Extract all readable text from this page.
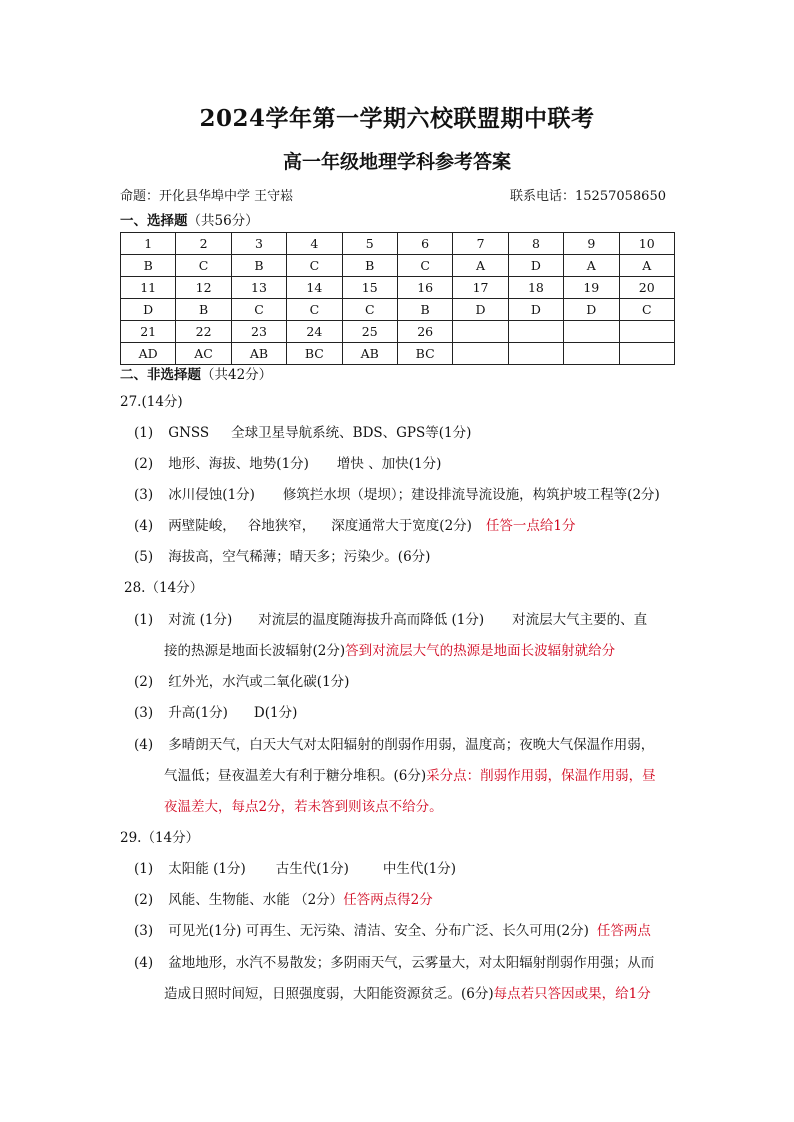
2024学年第一学期六校联盟期中联考
高一年级地理学科参考答案
命题：开化县华埠中学 王守崧	联系电话：15257058650
一、选择题（共56分）
1	2	3	4	5	6	7	8	9	10
B	C	B	C	B	C	A	D	A	A
11	12	13	14	15	16	17	18	19	20
D	B	C	C	C	B	D	D	D	C
21	22	23	24	25	26				
AD	AC	AB	BC	AB	BC				
二、非选择题（共42分）
27.(14分)
(1) GNSS 全球卫星导航系统、BDS、GPS等(1分)
(2) 地形、海拔、地势(1分) 增快 、加快(1分)
(3) 冰川侵蚀(1分) 修筑拦水坝（堤坝）；建设排流导流设施，构筑护坡工程等(2分)
(4) 两壁陡峻， 谷地狭窄， 深度通常大于宽度(2分) 任答一点给1分
(5) 海拔高，空气稀薄；晴天多；污染少。(6分)
28.（14分）
(1) 对流 (1分) 对流层的温度随海拔升高而降低 (1分) 对流层大气主要的、直
接的热源是地面长波辐射(2分)答到对流层大气的热源是地面长波辐射就给分
(2) 红外光，水汽或二氧化碳(1分)
(3) 升高(1分) D(1分)
(4) 多晴朗天气，白天大气对太阳辐射的削弱作用弱，温度高；夜晚大气保温作用弱，
气温低；昼夜温差大有利于糖分堆积。(6分)采分点：削弱作用弱，保温作用弱，昼
夜温差大，每点2分，若未答到则该点不给分。
29.（14分）
(1) 太阳能 (1分) 古生代(1分)	中生代(1分)
(2) 风能、生物能、水能 （2分）任答两点得2分
(3) 可见光(1分) 可再生、无污染、清洁、安全、分布广泛、长久可用(2分) 任答两点
(4) 盆地地形，水汽不易散发；多阴雨天气，云雾量大，对太阳辐射削弱作用强；从而
造成日照时间短，日照强度弱，大阳能资源贫乏。(6分)每点若只答因或果，给1分
